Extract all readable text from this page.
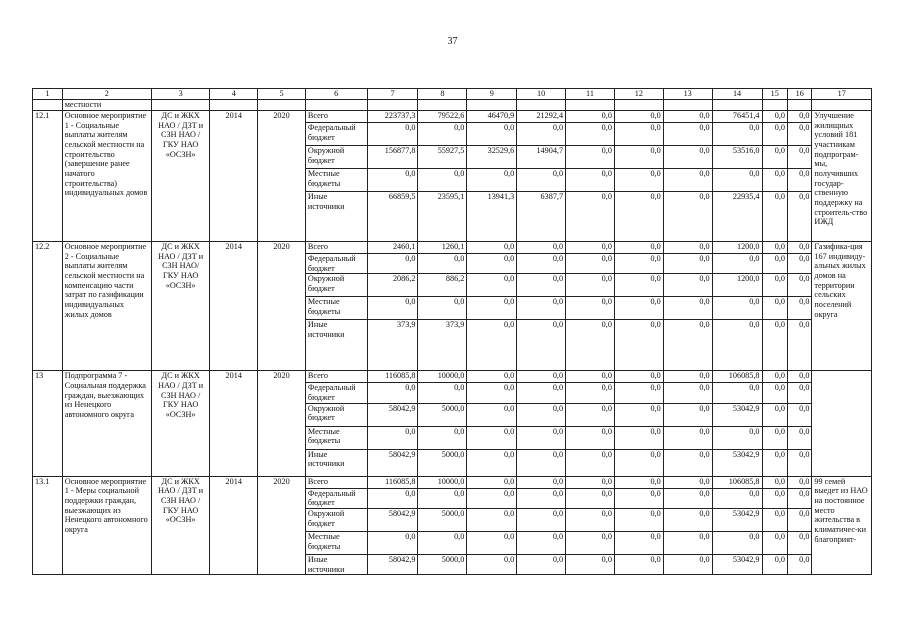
37
1	2	3	4	5	6	7	8	9	10	11	12	13	14	15	16	17
	местности															
12.1	Основное мероприятие 1 - Социальные выплаты жителям сельской местности на строительство (завершение ранее начатого строительства) индивидуальных домов	ДС и ЖКХ НАО / ДЗТ и СЗН НАО / ГКУ НАО «ОСЗН»	2014	2020	Всего	223737,3	79522,6	46470,9	21292,4	0,0	0,0	0,0	76451,4	0,0	0,0	Улучшение жилищных условий 181 участникам подпрограм-мы, получивших государ-ственную поддержку на строитель-ство ИЖД
					Федеральный бюджет	0,0	0,0	0,0	0,0	0,0	0,0	0,0	0,0	0,0	0,0	
					Окружной бюджет	156877,8	55927,5	32529,6	14904,7	0,0	0,0	0,0	53516,0	0,0	0,0	
					Местные бюджеты	0,0	0,0	0,0	0,0	0,0	0,0	0,0	0,0	0,0	0,0	
					Иные источники	66859,5	23595,1	13941,3	6387,7	0,0	0,0	0,0	22935,4	0,0	0,0	
12.2	Основное мероприятие 2 - Социальные выплаты жителям сельской местности на компенсацию части затрат по газификации индивидуальных жилых домов	ДС и ЖКХ НАО / ДЗТ и СЗН НАО/ ГКУ НАО «ОСЗН»	2014	2020	Всего	2460,1	1260,1	0,0	0,0	0,0	0,0	0,0	1200,0	0,0	0,0	Газифика-ция 167 индивиду-альных жилых домов на территории сельских поселений округа
					Федеральный бюджет	0,0	0,0	0,0	0,0	0,0	0,0	0,0	0,0	0,0	0,0	
					Окружной бюджет	2086,2	886,2	0,0	0,0	0,0	0,0	0,0	1200,0	0,0	0,0	
					Местные бюджеты	0,0	0,0	0,0	0,0	0,0	0,0	0,0	0,0	0,0	0,0	
					Иные источники	373,9	373,9	0,0	0,0	0,0	0,0	0,0	0,0	0,0	0,0	
13	Подпрограмма 7 - Социальная поддержка граждан, выезжающих из Ненецкого автономного округа	ДС и ЖКХ НАО / ДЗТ и СЗН НАО / ГКУ НАО «ОСЗН»	2014	2020	Всего	116085,8	10000,0	0,0	0,0	0,0	0,0	0,0	106085,8	0,0	0,0	
					Федеральный бюджет	0,0	0,0	0,0	0,0	0,0	0,0	0,0	0,0	0,0	0,0	
					Окружной бюджет	58042,9	5000,0	0,0	0,0	0,0	0,0	0,0	53042,9	0,0	0,0	
					Местные бюджеты	0,0	0,0	0,0	0,0	0,0	0,0	0,0	0,0	0,0	0,0	
					Иные источники	58042,9	5000,0	0,0	0,0	0,0	0,0	0,0	53042,9	0,0	0,0	
13.1	Основное мероприятие 1 - Меры социальной поддержки граждан, выезжающих из Ненецкого автономного округа	ДС и ЖКХ НАО / ДЗТ и СЗН НАО / ГКУ НАО «ОСЗН»	2014	2020	Всего	116085,8	10000,0	0,0	0,0	0,0	0,0	0,0	106085,8	0,0	0,0	99 семей выедет из НАО на постоянное место жительства в климатичес-ки благоприят-
					Федеральный бюджет	0,0	0,0	0,0	0,0	0,0	0,0	0,0	0,0	0,0	0,0	
					Окружной бюджет	58042,9	5000,0	0,0	0,0	0,0	0,0	0,0	53042,9	0,0	0,0	
					Местные бюджеты	0,0	0,0	0,0	0,0	0,0	0,0	0,0	0,0	0,0	0,0	
					Иные источники	58042,9	5000,0	0,0	0,0	0,0	0,0	0,0	53042,9	0,0	0,0	
